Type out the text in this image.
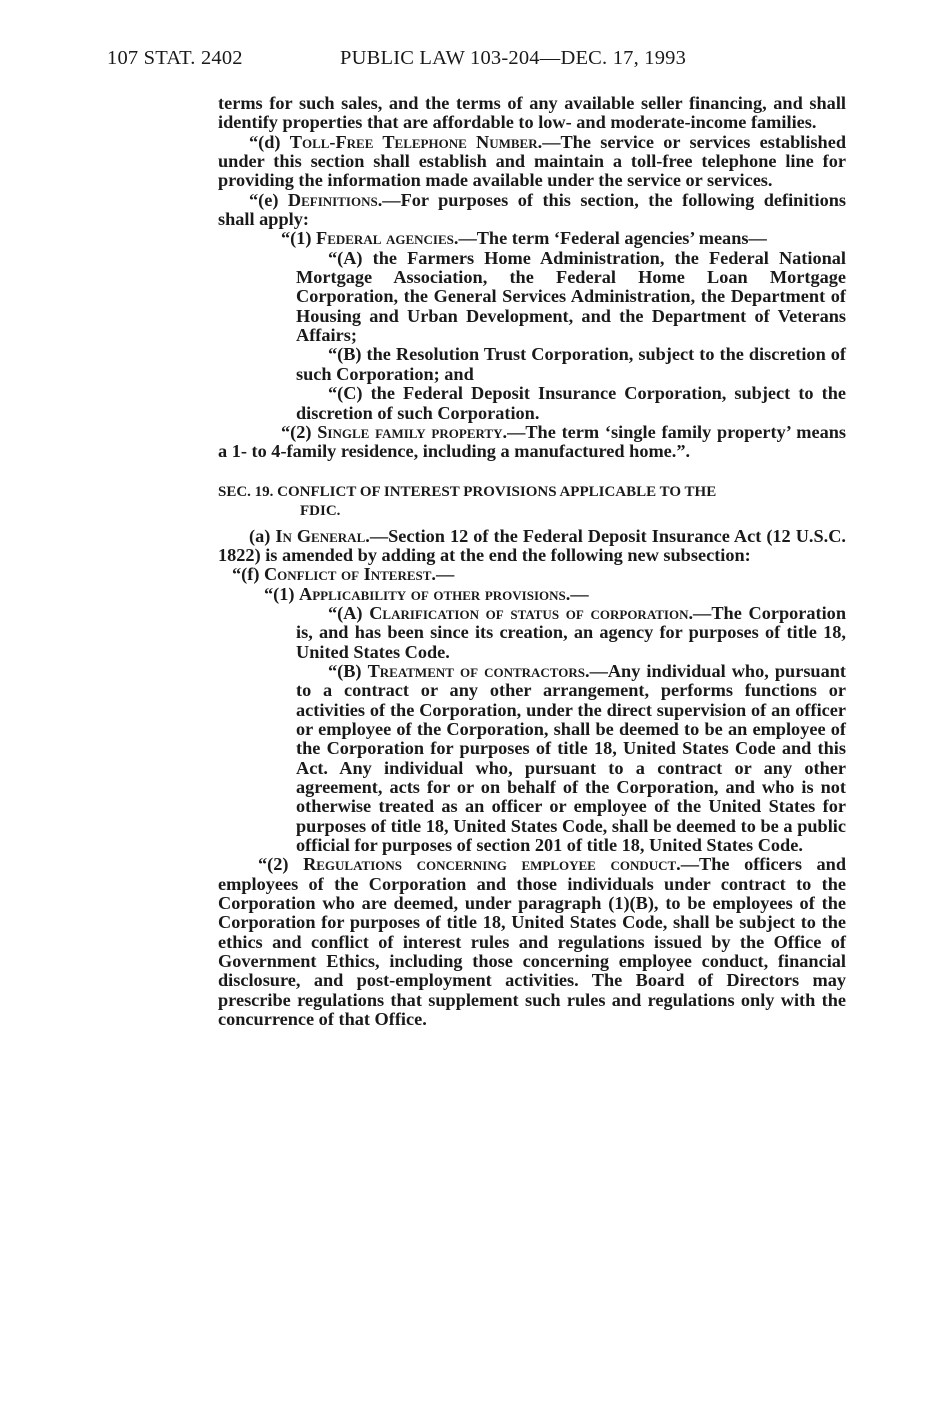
107 STAT. 2402	PUBLIC LAW 103-204—DEC. 17, 1993

terms for such sales, and the terms of any available seller financing, and shall identify properties that are affordable to low- and moderate-income families.

“(d) Toll-Free Telephone Number.—The service or services established under this section shall establish and maintain a toll-free telephone line for providing the information made available under the service or services.

“(e) Definitions.—For purposes of this section, the following definitions shall apply:

“(1) Federal agencies.—The term ‘Federal agencies’ means—

“(A) the Farmers Home Administration, the Federal National Mortgage Association, the Federal Home Loan Mortgage Corporation, the General Services Administration, the Department of Housing and Urban Development, and the Department of Veterans Affairs;

“(B) the Resolution Trust Corporation, subject to the discretion of such Corporation; and

“(C) the Federal Deposit Insurance Corporation, subject to the discretion of such Corporation.

“(2) Single family property.—The term ‘single family property’ means a 1- to 4-family residence, including a manufactured home.”.

SEC. 19. CONFLICT OF INTEREST PROVISIONS APPLICABLE TO THE
FDIC.

(a) In General.—Section 12 of the Federal Deposit Insurance Act (12 U.S.C. 1822) is amended by adding at the end the following new subsection:

“(f) Conflict of Interest.—

“(1) Applicability of other provisions.—

“(A) Clarification of status of corporation.—The Corporation is, and has been since its creation, an agency for purposes of title 18, United States Code.

“(B) Treatment of contractors.—Any individual who, pursuant to a contract or any other arrangement, performs functions or activities of the Corporation, under the direct supervision of an officer or employee of the Corporation, shall be deemed to be an employee of the Corporation for purposes of title 18, United States Code and this Act. Any individual who, pursuant to a contract or any other agreement, acts for or on behalf of the Corporation, and who is not otherwise treated as an officer or employee of the United States for purposes of title 18, United States Code, shall be deemed to be a public official for purposes of section 201 of title 18, United States Code.

“(2) Regulations concerning employee conduct.—The officers and employees of the Corporation and those individuals under contract to the Corporation who are deemed, under paragraph (1)(B), to be employees of the Corporation for purposes of title 18, United States Code, shall be subject to the ethics and conflict of interest rules and regulations issued by the Office of Government Ethics, including those concerning employee conduct, financial disclosure, and post-employment activities. The Board of Directors may prescribe regulations that supplement such rules and regulations only with the concurrence of that Office.
